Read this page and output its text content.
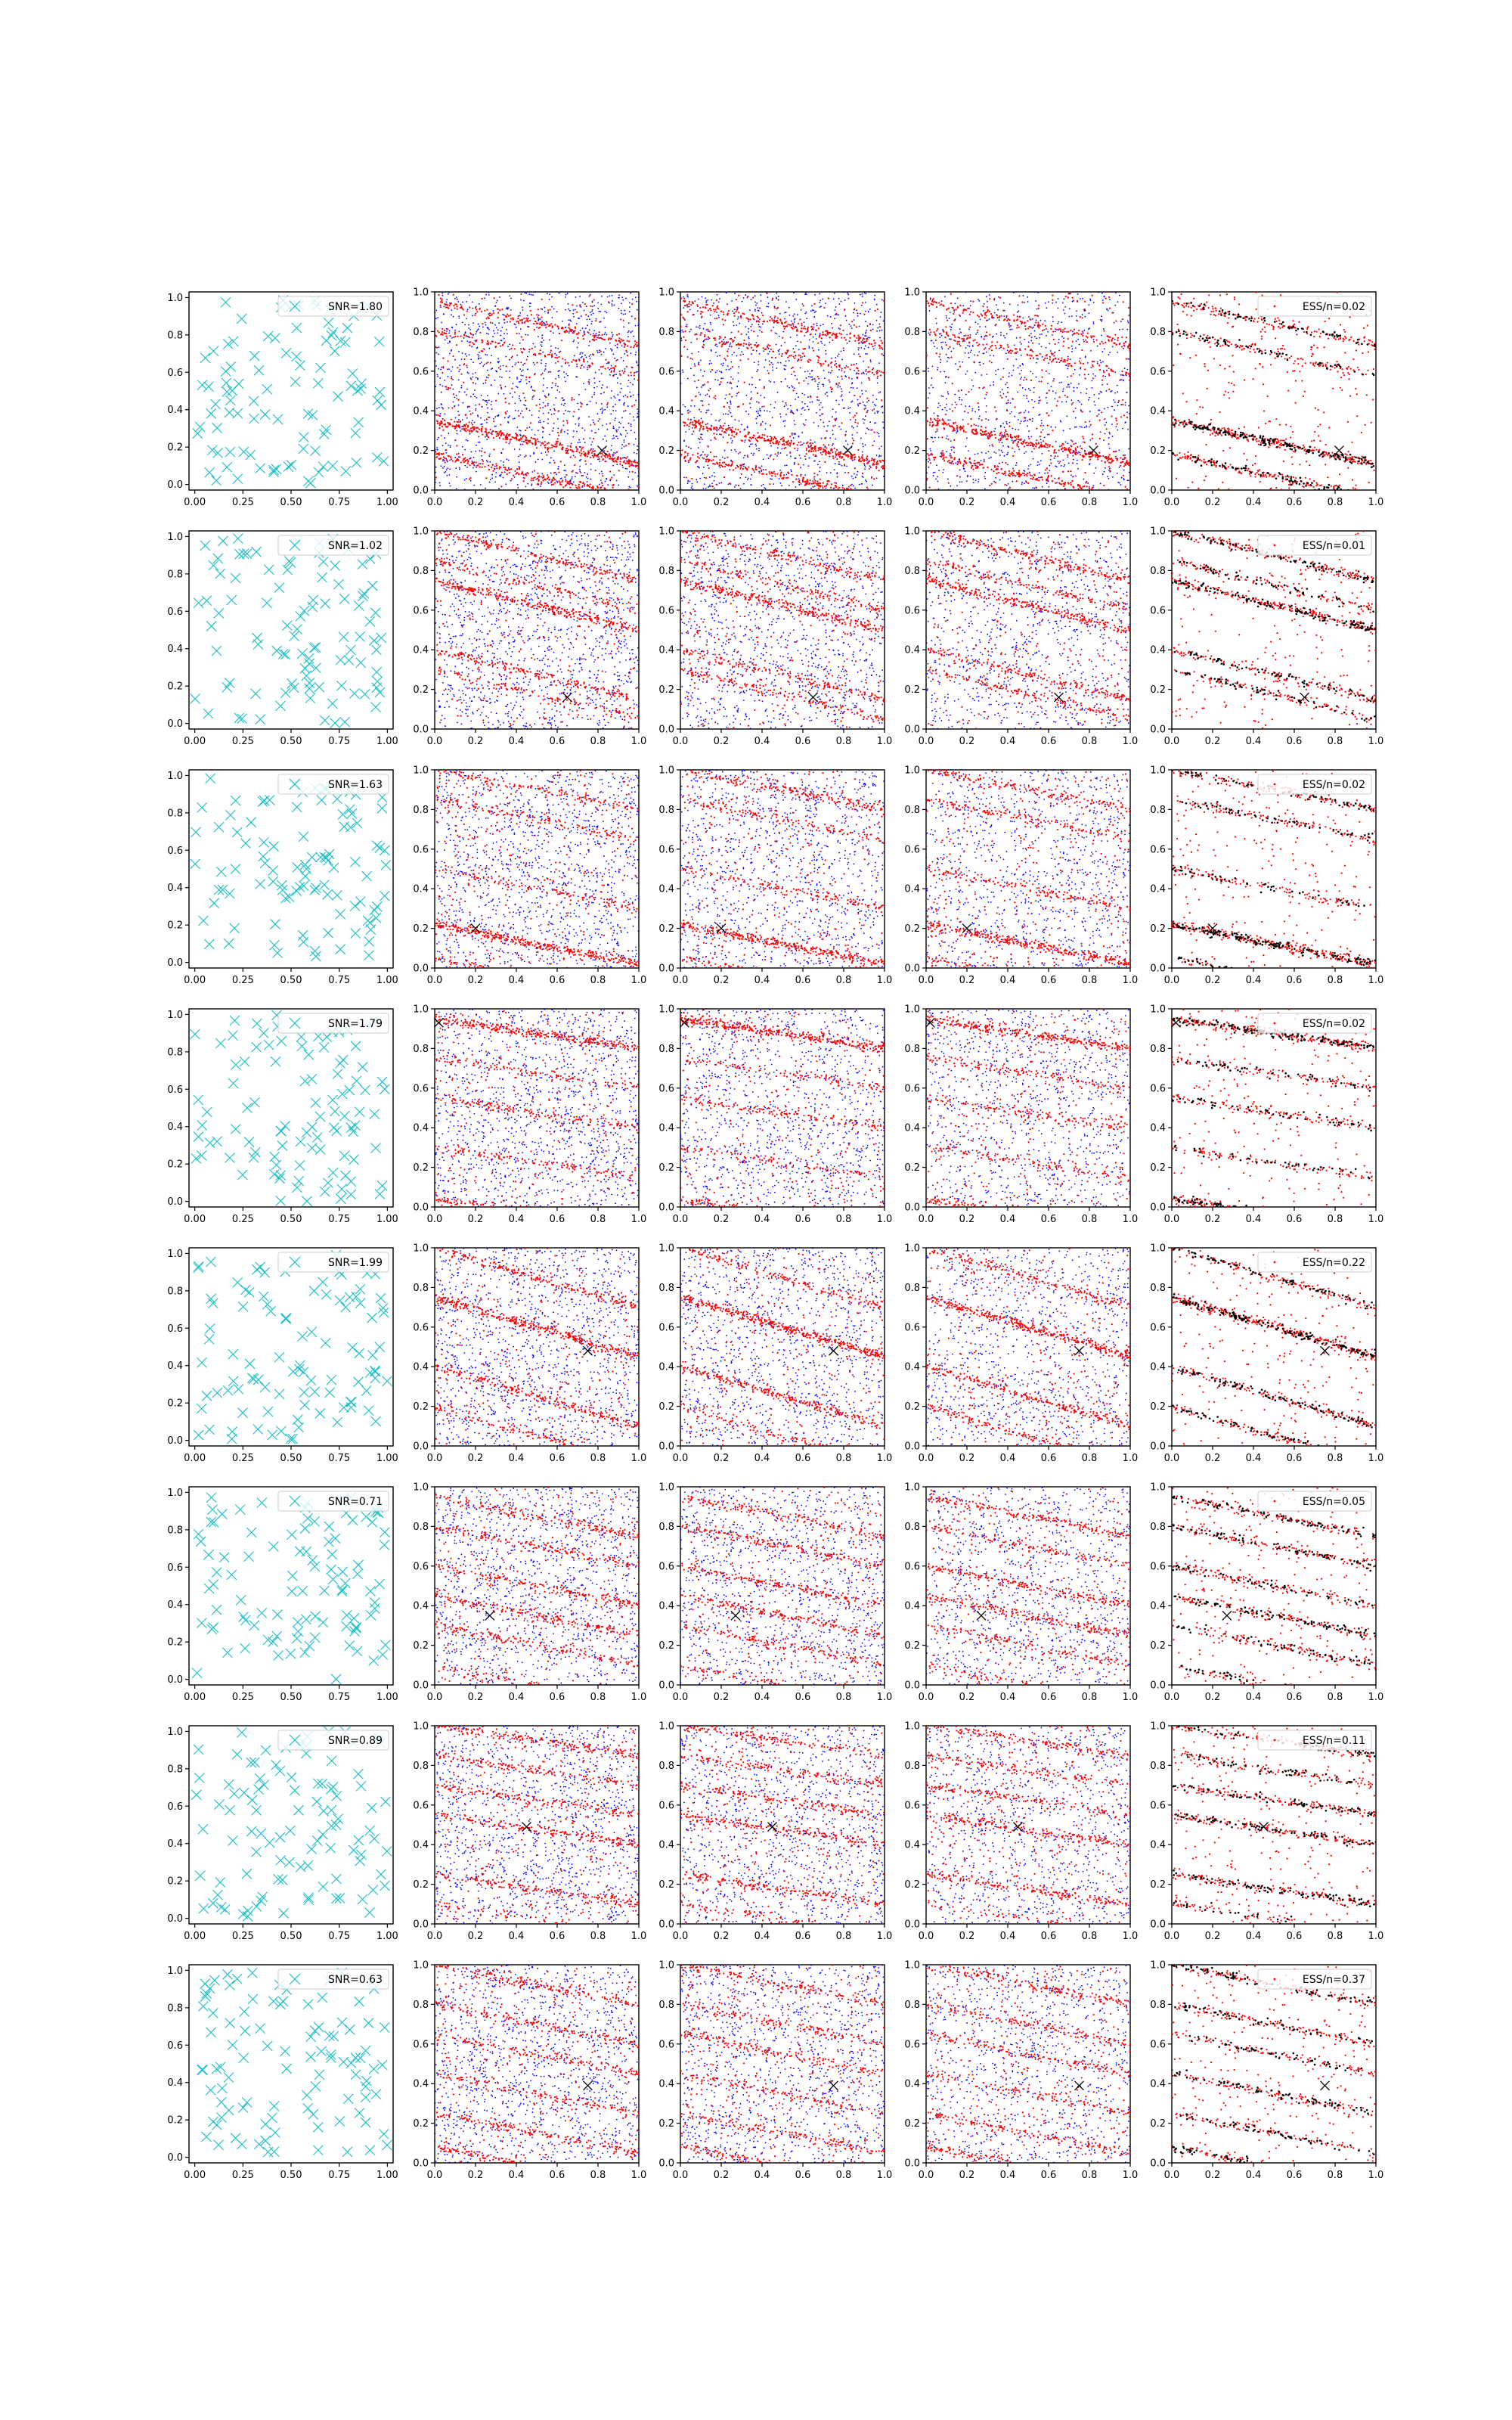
0.00	0.25	0.50	0.75	1.00
0.0
0.2
0.4
0.6
0.8
1.0
SNR=1.80
0.0	0.2	0.4	0.6	0.8	1.0
0.0
0.2
0.4
0.6
0.8
1.0
0.0	0.2	0.4	0.6	0.8	1.0
0.0
0.2
0.4
0.6
0.8
1.0
0.0	0.2	0.4	0.6	0.8	1.0
0.0
0.2
0.4
0.6
0.8
1.0
0.0	0.2	0.4	0.6	0.8	1.0
0.0
0.2
0.4
0.6
0.8
1.0
ESS/n=0.02
0.00	0.25	0.50	0.75	1.00
0.0
0.2
0.4
0.6
0.8
1.0
SNR=1.02
0.0	0.2	0.4	0.6	0.8	1.0
0.0
0.2
0.4
0.6
0.8
1.0
0.0	0.2	0.4	0.6	0.8	1.0
0.0
0.2
0.4
0.6
0.8
1.0
0.0	0.2	0.4	0.6	0.8	1.0
0.0
0.2
0.4
0.6
0.8
1.0
0.0	0.2	0.4	0.6	0.8	1.0
0.0
0.2
0.4
0.6
0.8
1.0
ESS/n=0.01
0.00	0.25	0.50	0.75	1.00
0.0
0.2
0.4
0.6
0.8
1.0
SNR=1.63
0.0	0.2	0.4	0.6	0.8	1.0
0.0
0.2
0.4
0.6
0.8
1.0
0.0	0.2	0.4	0.6	0.8	1.0
0.0
0.2
0.4
0.6
0.8
1.0
0.0	0.2	0.4	0.6	0.8	1.0
0.0
0.2
0.4
0.6
0.8
1.0
0.0	0.2	0.4	0.6	0.8	1.0
0.0
0.2
0.4
0.6
0.8
1.0
ESS/n=0.02
0.00	0.25	0.50	0.75	1.00
0.0
0.2
0.4
0.6
0.8
1.0
SNR=1.79
0.0	0.2	0.4	0.6	0.8	1.0
0.0
0.2
0.4
0.6
0.8
1.0
0.0	0.2	0.4	0.6	0.8	1.0
0.0
0.2
0.4
0.6
0.8
1.0
0.0	0.2	0.4	0.6	0.8	1.0
0.0
0.2
0.4
0.6
0.8
1.0
0.0	0.2	0.4	0.6	0.8	1.0
0.0
0.2
0.4
0.6
0.8
1.0
ESS/n=0.02
0.00	0.25	0.50	0.75	1.00
0.0
0.2
0.4
0.6
0.8
1.0
SNR=1.99
0.0	0.2	0.4	0.6	0.8	1.0
0.0
0.2
0.4
0.6
0.8
1.0
0.0	0.2	0.4	0.6	0.8	1.0
0.0
0.2
0.4
0.6
0.8
1.0
0.0	0.2	0.4	0.6	0.8	1.0
0.0
0.2
0.4
0.6
0.8
1.0
0.0	0.2	0.4	0.6	0.8	1.0
0.0
0.2
0.4
0.6
0.8
1.0
ESS/n=0.22
0.00	0.25	0.50	0.75	1.00
0.0
0.2
0.4
0.6
0.8
1.0
SNR=0.71
0.0	0.2	0.4	0.6	0.8	1.0
0.0
0.2
0.4
0.6
0.8
1.0
0.0	0.2	0.4	0.6	0.8	1.0
0.0
0.2
0.4
0.6
0.8
1.0
0.0	0.2	0.4	0.6	0.8	1.0
0.0
0.2
0.4
0.6
0.8
1.0
0.0	0.2	0.4	0.6	0.8	1.0
0.0
0.2
0.4
0.6
0.8
1.0
ESS/n=0.05
0.00	0.25	0.50	0.75	1.00
0.0
0.2
0.4
0.6
0.8
1.0
SNR=0.89
0.0	0.2	0.4	0.6	0.8	1.0
0.0
0.2
0.4
0.6
0.8
1.0
0.0	0.2	0.4	0.6	0.8	1.0
0.0
0.2
0.4
0.6
0.8
1.0
0.0	0.2	0.4	0.6	0.8	1.0
0.0
0.2
0.4
0.6
0.8
1.0
0.0	0.2	0.4	0.6	0.8	1.0
0.0
0.2
0.4
0.6
0.8
1.0
ESS/n=0.11
0.00	0.25	0.50	0.75	1.00
0.0
0.2
0.4
0.6
0.8
1.0
SNR=0.63
0.0	0.2	0.4	0.6	0.8	1.0
0.0
0.2
0.4
0.6
0.8
1.0
0.0	0.2	0.4	0.6	0.8	1.0
0.0
0.2
0.4
0.6
0.8
1.0
0.0	0.2	0.4	0.6	0.8	1.0
0.0
0.2
0.4
0.6
0.8
1.0
0.0	0.2	0.4	0.6	0.8	1.0
0.0
0.2
0.4
0.6
0.8
1.0
ESS/n=0.37
